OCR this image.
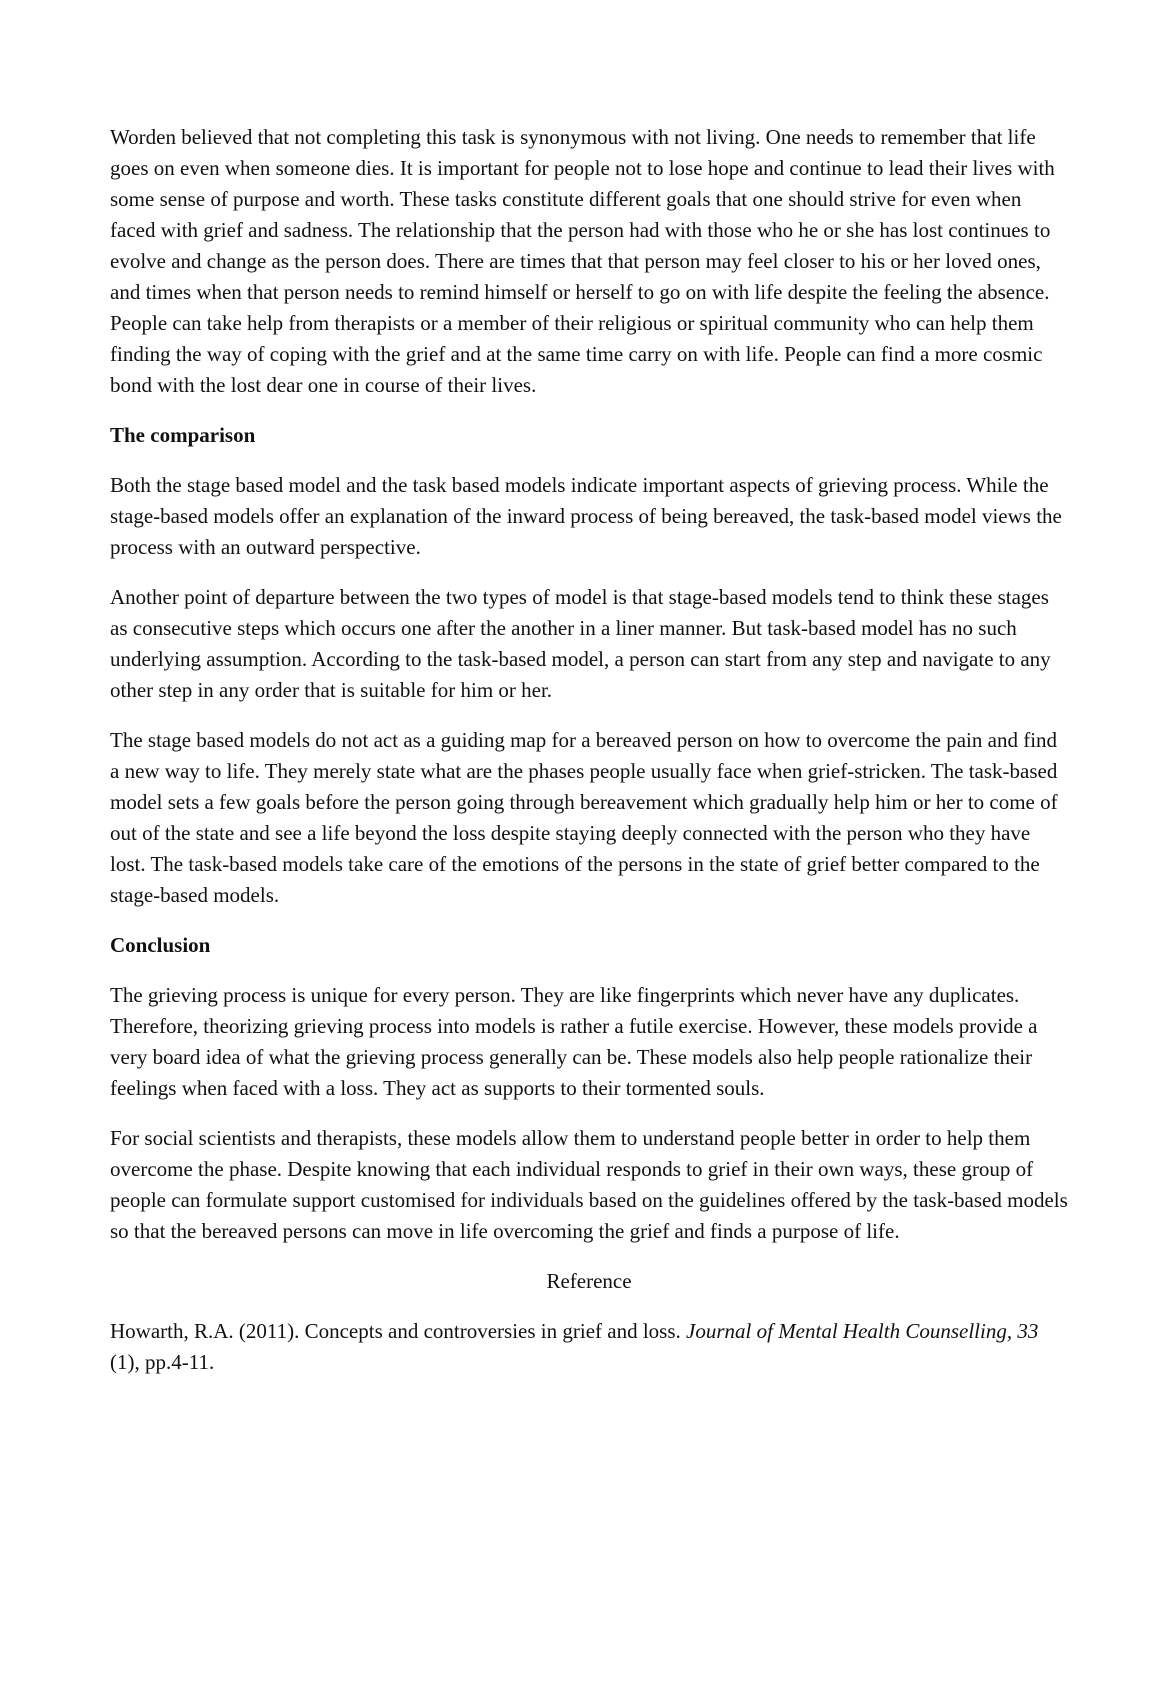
Worden believed that not completing this task is synonymous with not living. One needs to remember that life goes on even when someone dies. It is important for people not to lose hope and continue to lead their lives with some sense of purpose and worth. These tasks constitute different goals that one should strive for even when faced with grief and sadness. The relationship that the person had with those who he or she has lost continues to evolve and change as the person does. There are times that that person may feel closer to his or her loved ones, and times when that person needs to remind himself or herself to go on with life despite the feeling the absence. People can take help from therapists or a member of their religious or spiritual community who can help them finding the way of coping with the grief and at the same time carry on with life. People can find a more cosmic bond with the lost dear one in course of their lives.

The comparison

Both the stage based model and the task based models indicate important aspects of grieving process. While the stage-based models offer an explanation of the inward process of being bereaved, the task-based model views the process with an outward perspective.

Another point of departure between the two types of model is that stage-based models tend to think these stages as consecutive steps which occurs one after the another in a liner manner. But task-based model has no such underlying assumption. According to the task-based model, a person can start from any step and navigate to any other step in any order that is suitable for him or her.

The stage based models do not act as a guiding map for a bereaved person on how to overcome the pain and find a new way to life. They merely state what are the phases people usually face when grief-stricken. The task-based model sets a few goals before the person going through bereavement which gradually help him or her to come of out of the state and see a life beyond the loss despite staying deeply connected with the person who they have lost. The task-based models take care of the emotions of the persons in the state of grief better compared to the stage-based models.

Conclusion

The grieving process is unique for every person. They are like fingerprints which never have any duplicates. Therefore, theorizing grieving process into models is rather a futile exercise. However, these models provide a very board idea of what the grieving process generally can be. These models also help people rationalize their feelings when faced with a loss. They act as supports to their tormented souls.

For social scientists and therapists, these models allow them to understand people better in order to help them overcome the phase. Despite knowing that each individual responds to grief in their own ways, these group of people can formulate support customised for individuals based on the guidelines offered by the task-based models so that the bereaved persons can move in life overcoming the grief and finds a purpose of life.

Reference

Howarth, R.A. (2011). Concepts and controversies in grief and loss. Journal of Mental Health Counselling, 33 (1), pp.4-11.
